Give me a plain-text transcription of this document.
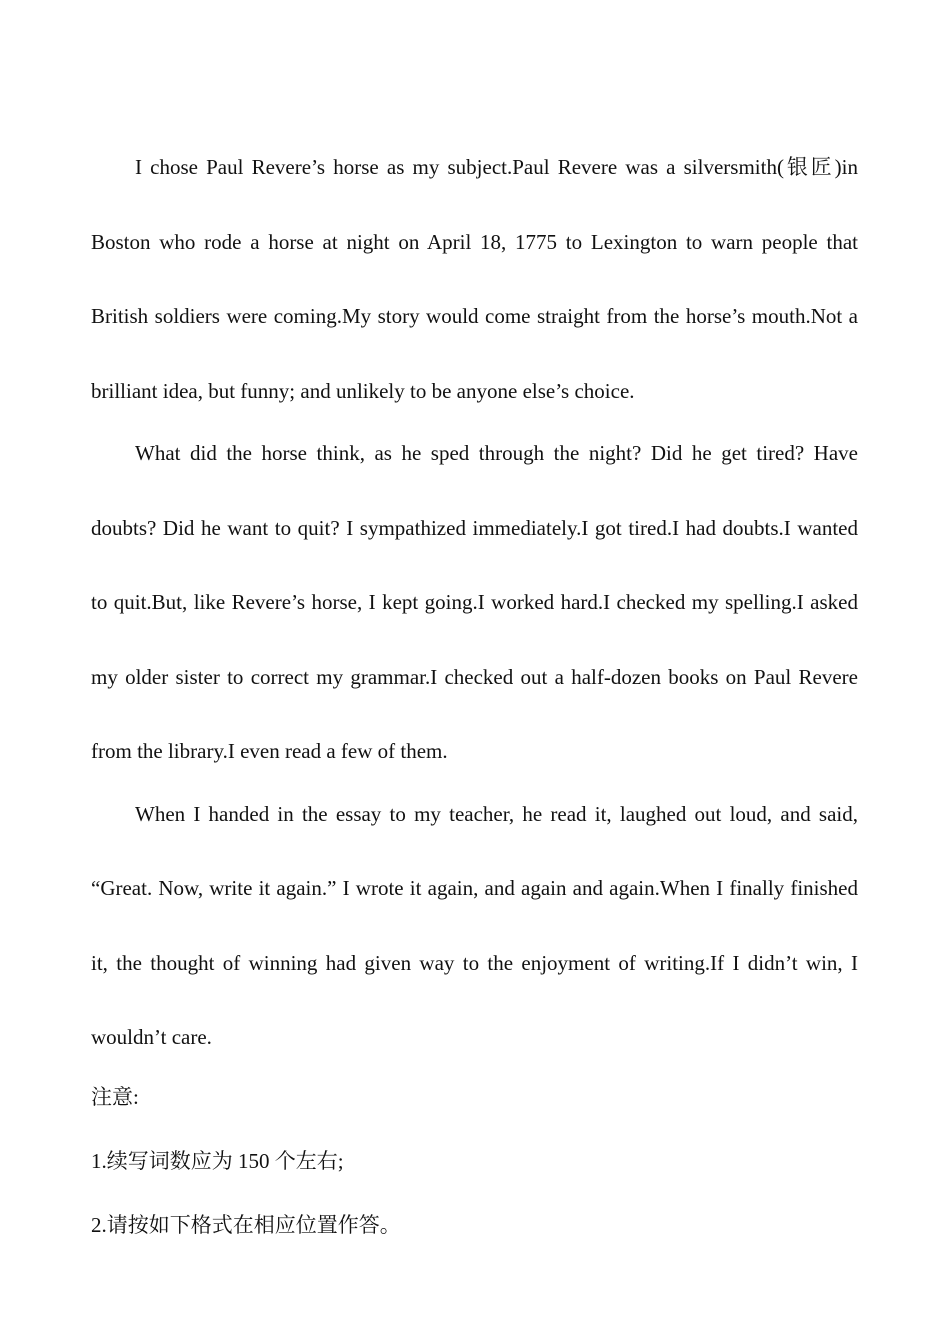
I chose Paul Revere’s horse as my subject.Paul Revere was a silversmith(银匠)in Boston who rode a horse at night on April 18, 1775 to Lexington to warn people that British soldiers were coming.My story would come straight from the horse’s mouth.Not a brilliant idea, but funny; and unlikely to be anyone else’s choice.

What did the horse think, as he sped through the night? Did he get tired? Have doubts? Did he want to quit? I sympathized immediately.I got tired.I had doubts.I wanted to quit.But, like Revere’s horse, I kept going.I worked hard.I checked my spelling.I asked my older sister to correct my grammar.I checked out a half-dozen books on Paul Revere from the library.I even read a few of them.

When I handed in the essay to my teacher, he read it, laughed out loud, and said, “Great. Now, write it again.” I wrote it again, and again and again.When I finally finished it, the thought of winning had given way to the enjoyment of writing.If I didn’t win, I wouldn’t care.

注意:

1.续写词数应为 150 个左右;

2.请按如下格式在相应位置作答。
